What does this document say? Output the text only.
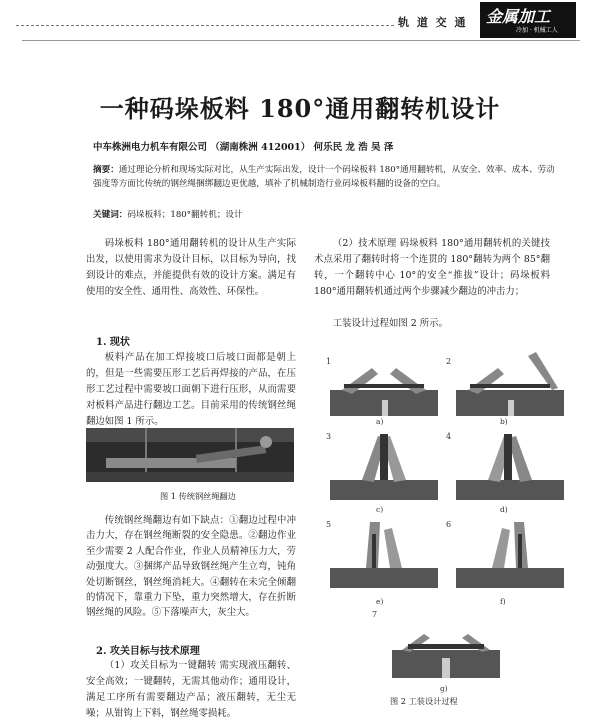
轨 道 交 通 金属加工
冷加 · 机械工人
一种码垛板料 180°通用翻转机设计
中车株洲电力机车有限公司 （湖南株洲 412001） 何乐民 龙 浩 吴 泽
摘要：通过理论分析和现场实际对比，从生产实际出发，设计一个码垛板料 180°通用翻转机，从安全、效率、成本、劳动强度等方面比传统的钢丝绳捆绑翻边更优越，填补了机械制造行业码垛板料翻的设备的空白。
关键词：码垛板料；180°翻转机；设计
码垛板料 180°通用翻转机的设计从生产实际出发，以使用需求为设计目标，以目标为导向，找到设计的难点，并能提供有效的设计方案。满足有使用的安全性、通用性、高效性、环保性。
1. 现状
板料产品在加工焊接坡口后坡口面都是朝上的，但是一些需要压形工艺后再焊接的产品，在压形工艺过程中需要坡口面朝下进行压形，从而需要对板料产品进行翻边工艺。目前采用的传统钢丝绳翻边如图 1 所示。
图 1 传统钢丝绳翻边
传统钢丝绳翻边有如下缺点：①翻边过程中冲击力大，存在钢丝绳断裂的安全隐患。②翻边作业至少需要 2 人配合作业，作业人员精神压力大，劳动强度大。③捆绑产品导致钢丝绳产生立弯，钝角处切断钢丝，钢丝绳消耗大。④翻转在未完全倾翻的情况下，靠重力下坠，重力突然增大，存在折断钢丝绳的风险。⑤下落噪声大，灰尘大。
2. 攻关目标与技术原理
（1）攻关目标为一键翻转 需实现液压翻转、安全高效；一键翻转，无需其他动作；通用设计，满足工序所有需要翻边产品；液压翻转，无尘无噪；从钳钩上下料，钢丝绳零损耗。
（2）技术原理 码垛板料 180°通用翻转机的关键技术点采用了翻转时将一个连贯的 180°翻转为两个 85°翻转，一个翻转中心 10°的安全“推拔”设计；码垛板料 180°通用翻转机通过两个步骤减少翻边的冲击力；
工装设计过程如图 2 所示。
1
a)
2
b)
3
c)
4
d)
5
e)
6
f)
7
g)
图 2 工装设计过程
